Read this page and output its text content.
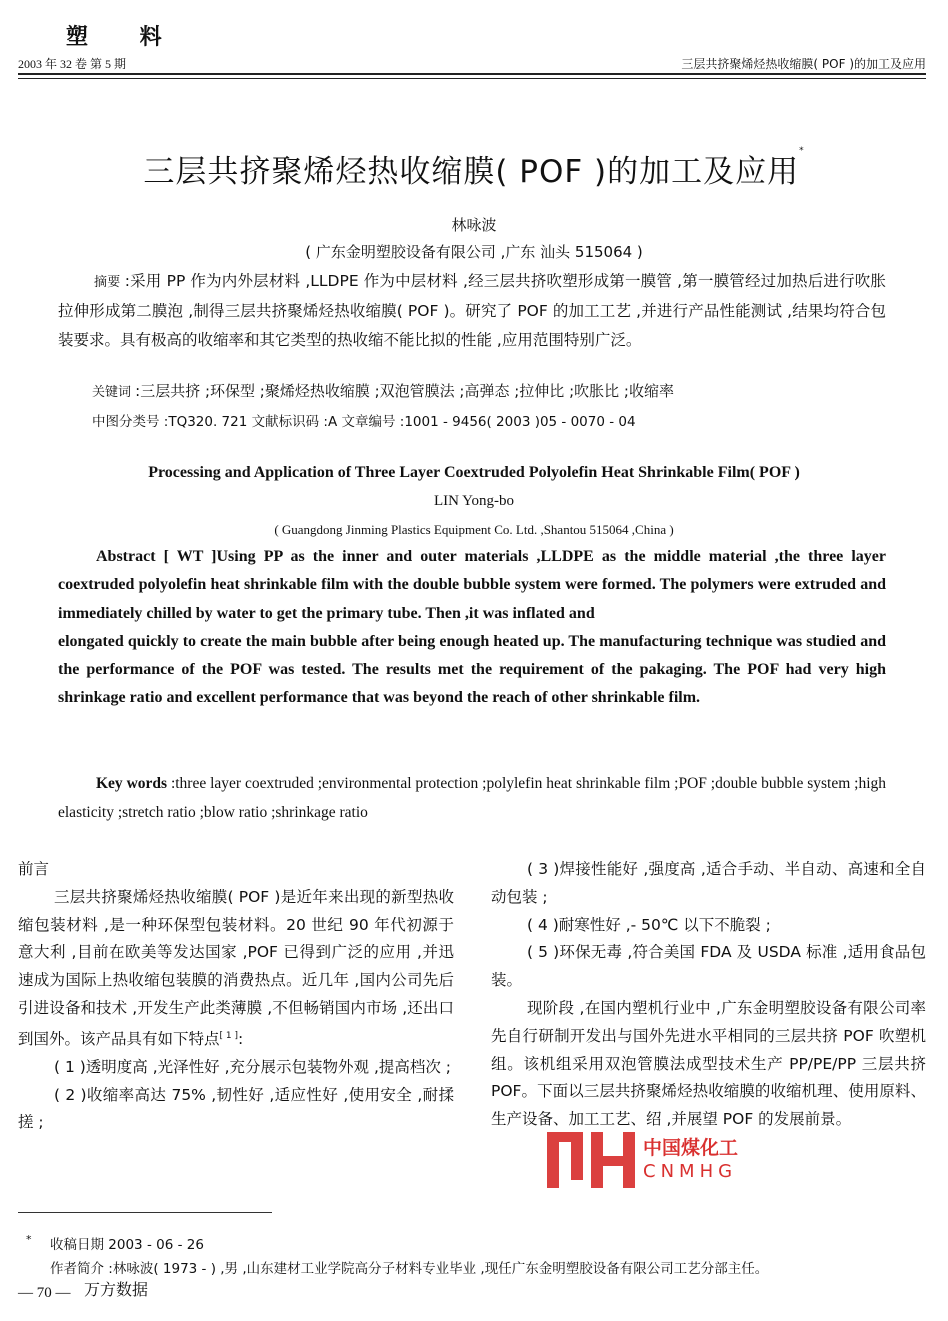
塑 料
2003 年 32 卷 第 5 期	三层共挤聚烯烃热收缩膜( POF )的加工及应用
三层共挤聚烯烃热收缩膜( POF )的加工及应用*
林咏波
( 广东金明塑胶设备有限公司 ,广东 汕头 515064 )
摘要 :采用 PP 作为内外层材料 ,LLDPE 作为中层材料 ,经三层共挤吹塑形成第一膜管 ,第一膜管经过加热后进行吹胀拉伸形成第二膜泡 ,制得三层共挤聚烯烃热收缩膜( POF )。研究了 POF 的加工工艺 ,并进行产品性能测试 ,结果均符合包装要求。具有极高的收缩率和其它类型的热收缩不能比拟的性能 ,应用范围特别广泛。
关键词 :三层共挤 ;环保型 ;聚烯烃热收缩膜 ;双泡管膜法 ;高弹态 ;拉伸比 ;吹胀比 ;收缩率
中图分类号 :TQ320. 721 文献标识码 :A 文章编号 :1001 - 9456( 2003 )05 - 0070 - 04
Processing and Application of Three Layer Coextruded Polyolefin Heat Shrinkable Film( POF )
LIN Yong-bo
( Guangdong Jinming Plastics Equipment Co. Ltd. ,Shantou 515064 ,China )

Abstract [ WT ]Using PP as the inner and outer materials ,LLDPE as the middle material ,the three layer coextruded polyolefin heat shrinkable film with the double bubble system were formed. The polymers were extruded and immediately chilled by water to get the primary tube. Then ,it was inflated and

elongated quickly to create the main bubble after being enough heated up. The manufacturing technique was studied and the performance of the POF was tested. The results met the requirement of the pakaging. The POF had very high shrinkage ratio and excellent performance that was beyond the reach of other shrinkable film.

Key words :three layer coextruded ;environmental protection ;polylefin heat shrinkable film ;POF ;double bubble system ;high elasticity ;stretch ratio ;blow ratio ;shrinkage ratio

前言

三层共挤聚烯烃热收缩膜( POF )是近年来出现的新型热收缩包装材料 ,是一种环保型包装材料。20 世纪 90 年代初源于意大利 ,目前在欧美等发达国家 ,POF 已得到广泛的应用 ,并迅速成为国际上热收缩包装膜的消费热点。近几年 ,国内公司先后引进设备和技术 ,开发生产此类薄膜 ,不但畅销国内市场 ,还出口到国外。该产品具有如下特点[ 1 ]:

( 1 )透明度高 ,光泽性好 ,充分展示包装物外观 ,提高档次 ;

( 2 )收缩率高达 75% ,韧性好 ,适应性好 ,使用安全 ,耐揉搓 ;

( 3 )焊接性能好 ,强度高 ,适合手动、半自动、高速和全自动包装 ;

( 4 )耐寒性好 ,- 50℃ 以下不脆裂 ;

( 5 )环保无毒 ,符合美国 FDA 及 USDA 标准 ,适用食品包装。

现阶段 ,在国内塑机行业中 ,广东金明塑胶设备有限公司率先自行研制开发出与国外先进水平相同的三层共挤 POF 吹塑机组。该机组采用双泡管膜法成型技术生产 PP/PE/PP 三层共挤 POF。下面以三层共挤聚烯烃热收缩膜的收缩机理、使用原料、生产设备、加工工艺、绍 ,并展望 POF 的发展前景。

* 收稿日期 2003 - 06 - 26
作者简介 :林咏波( 1973 - ) ,男 ,山东建材工业学院高分子材料专业毕业 ,现任广东金明塑胶设备有限公司工艺分部主任。
— 70 — 万方数据
中国煤化工
CNMHG
